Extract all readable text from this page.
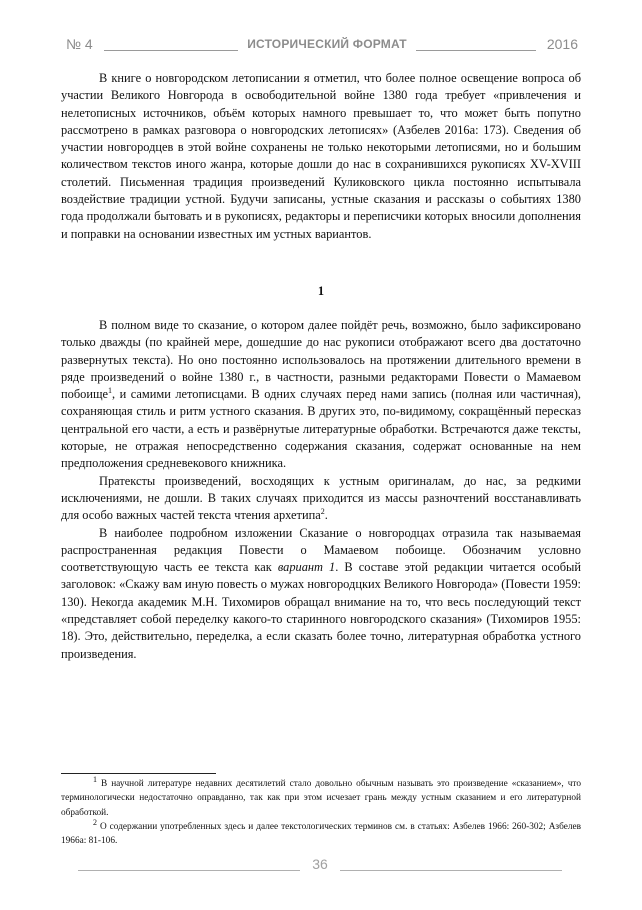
№ 4	ИСТОРИЧЕСКИЙ ФОРМАТ	2016

В книге о новгородском летописании я отметил, что более полное освещение вопроса об участии Великого Новгорода в освободительной войне 1380 года требует «привлечения и нелетописных источников, объём которых намного превышает то, что может быть попутно рассмотрено в рамках разговора о новгородских летописях» (Азбелев 2016а: 173). Сведения об участии новгородцев в этой войне сохранены не только некоторыми летописями, но и большим количеством текстов иного жанра, которые дошли до нас в сохранившихся рукописях XV-XVIII столетий. Письменная традиция произведений Куликовского цикла постоянно испытывала воздействие традиции устной. Будучи записаны, устные сказания и рассказы о событиях 1380 года продолжали бытовать и в рукописях, редакторы и переписчики которых вносили дополнения и поправки на основании известных им устных вариантов.

1

В полном виде то сказание, о котором далее пойдёт речь, возможно, было зафиксировано только дважды (по крайней мере, дошедшие до нас рукописи отображают всего два достаточно развернутых текста). Но оно постоянно использовалось на протяжении длительного времени в ряде произведений о войне 1380 г., в частности, разными редакторами Повести о Мамаевом побоище$^1$, и самими летописцами. В одних случаях перед нами запись (полная или частичная), сохраняющая стиль и ритм устного сказания. В других это, по-видимому, сокращённый пересказ центральной его части, а есть и развёрнутые литературные обработки. Встречаются даже тексты, которые, не отражая непосредственно содержания сказания, содержат основанные на нем предположения средневекового книжника.

Пратексты произведений, восходящих к устным оригиналам, до нас, за редкими исключениями, не дошли. В таких случаях приходится из массы разночтений восстанавливать для особо важных частей текста чтения архетипа$^2$.

В наиболее подробном изложении Сказание о новгородцах отразила так называемая распространенная редакция Повести о Мамаевом побоище. Обозначим условно соответствующую часть ее текста как вариант 1. В составе этой редакции читается особый заголовок: «Скажу вам иную повесть о мужах новгородцких Великого Новгорода» (Повести 1959: 130). Некогда академик М.Н. Тихомиров обращал внимание на то, что весь последующий текст «представляет собой переделку какого-то старинного новгородского сказания» (Тихомиров 1955: 18). Это, действительно, переделка, а если сказать более точно, литературная обработка устного произведения.

$^1$ В научной литературе недавних десятилетий стало довольно обычным называть это произведение «сказанием», что терминологически недостаточно оправданно, так как при этом исчезает грань между устным сказанием и его литературной обработкой.

$^2$ О содержании употребленных здесь и далее текстологических терминов см. в статьях: Азбелев 1966: 260-302; Азбелев 1966а: 81-106.

36
